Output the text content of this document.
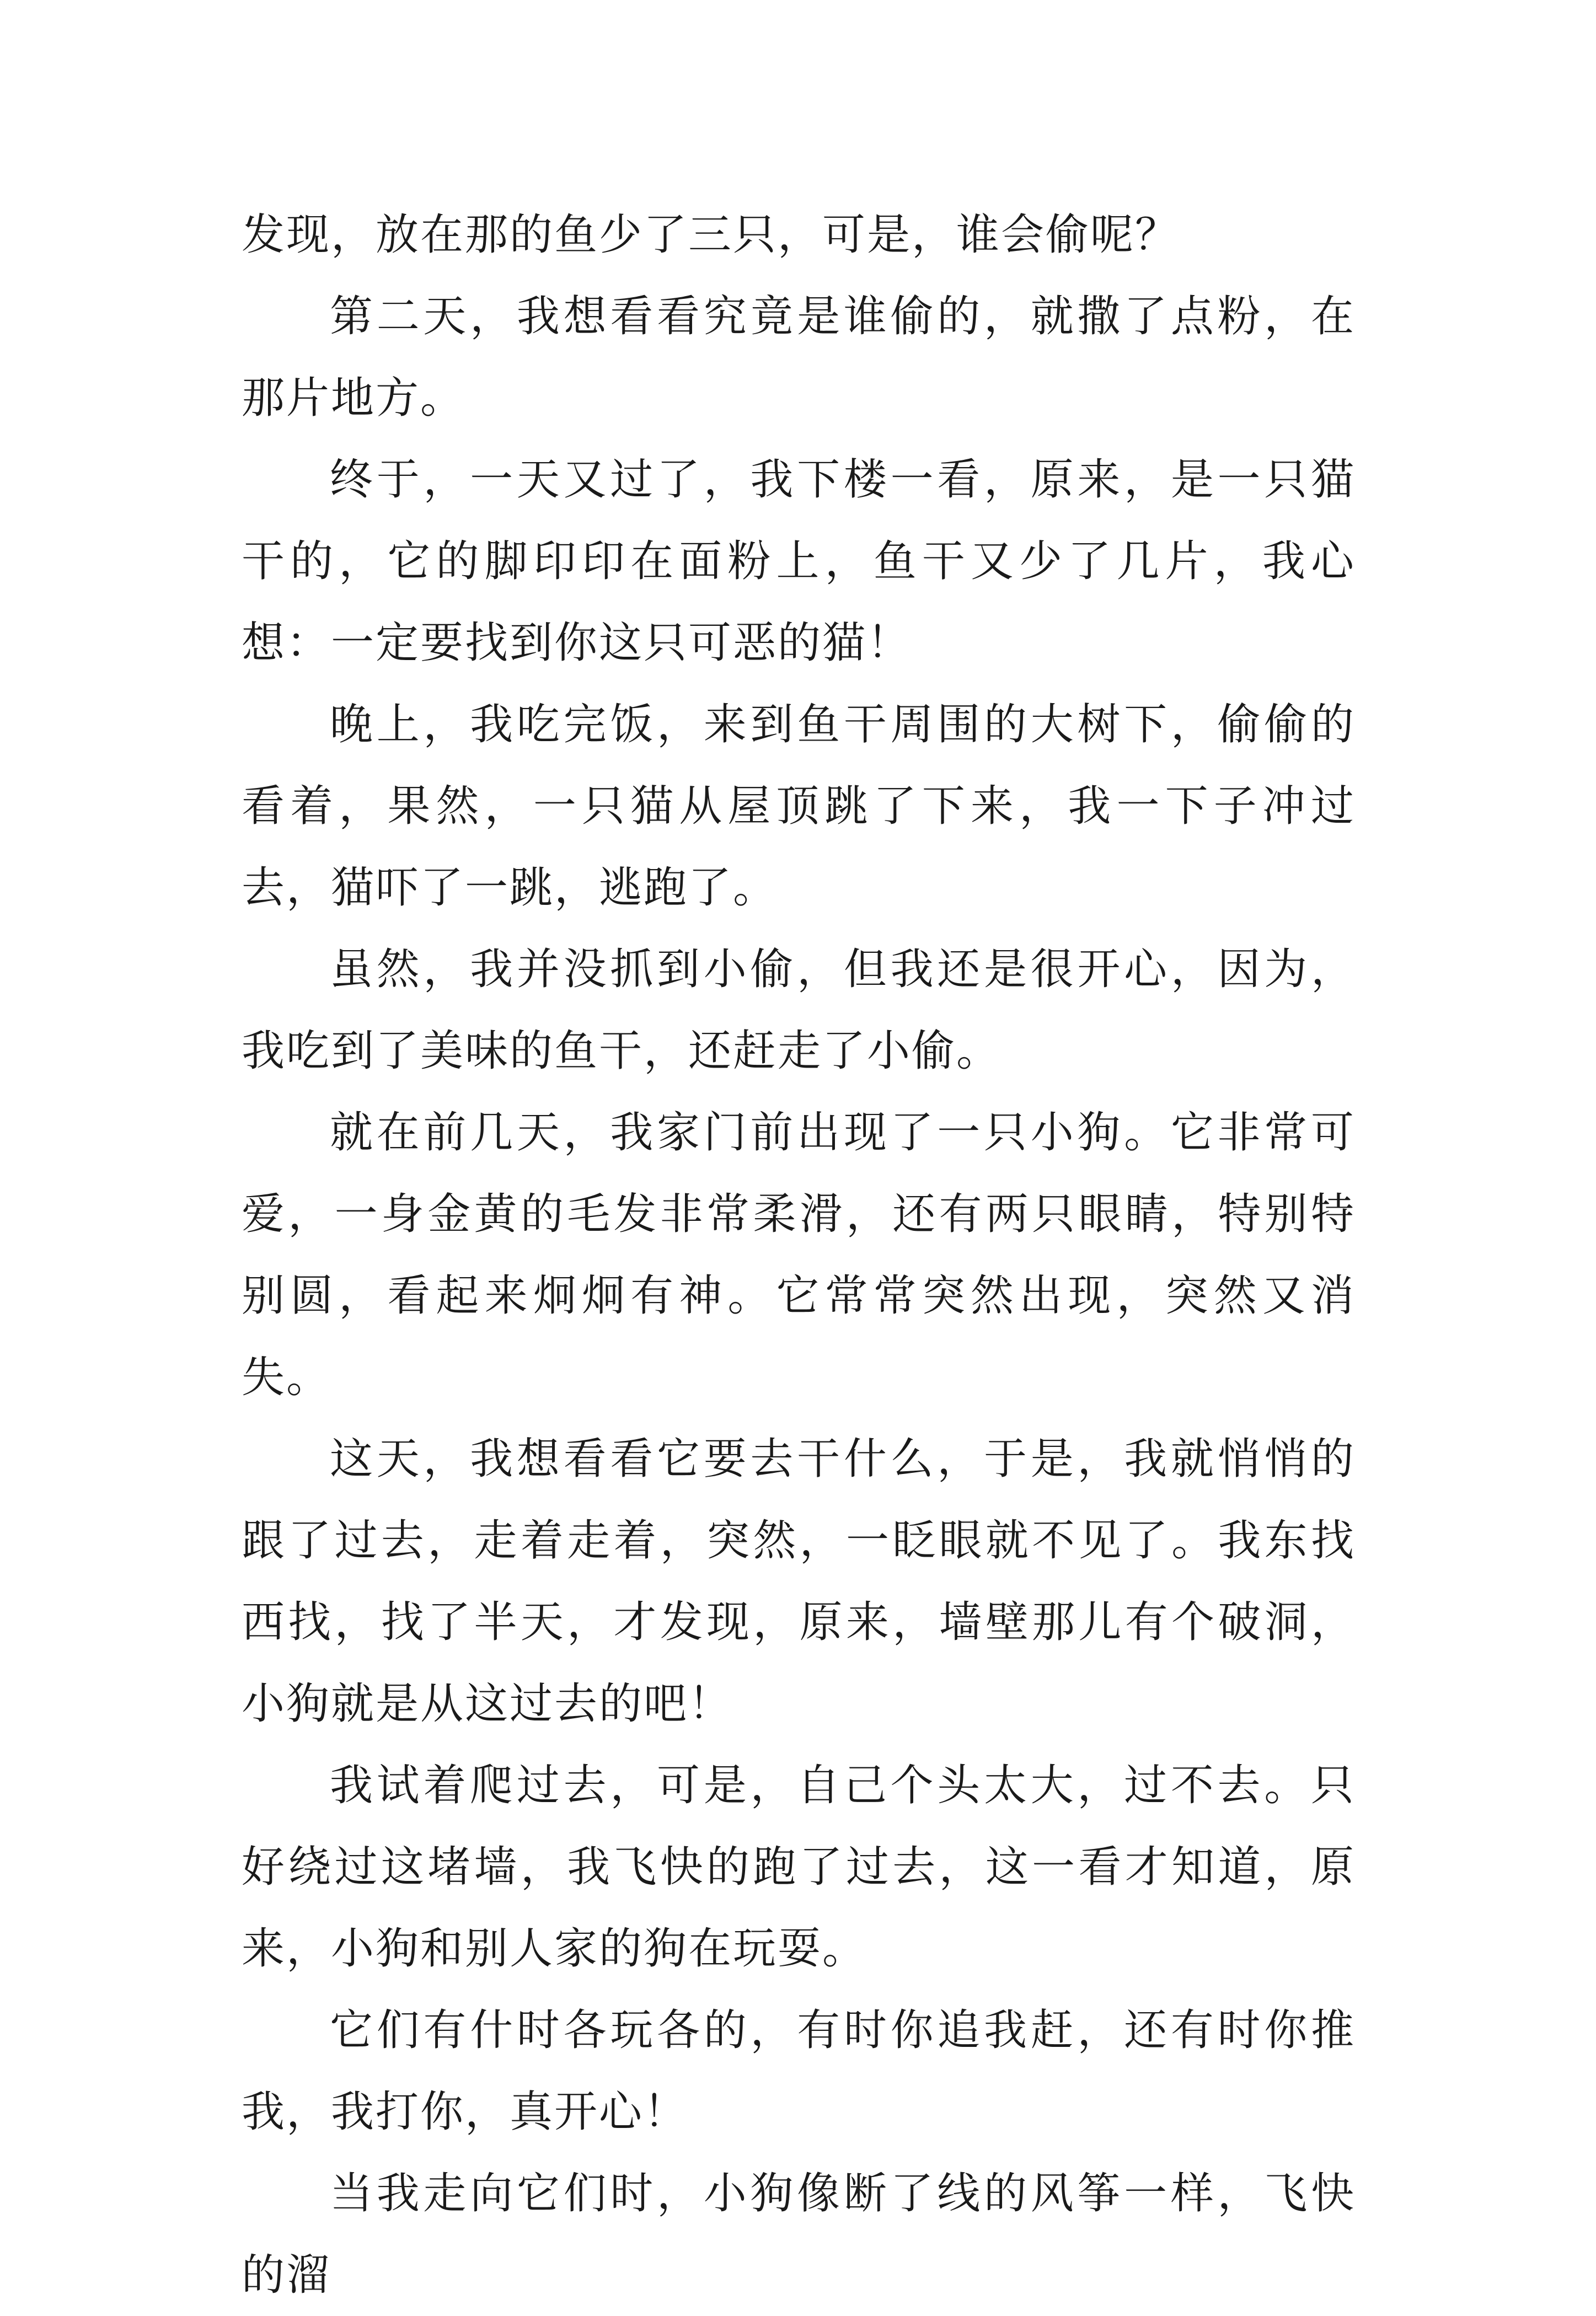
发现，放在那的鱼少了三只，可是，谁会偷呢？

第二天，我想看看究竟是谁偷的，就撒了点粉，在那片地方。

终于，一天又过了，我下楼一看，原来，是一只猫干的，它的脚印印在面粉上，鱼干又少了几片，我心想：一定要找到你这只可恶的猫！

晚上，我吃完饭，来到鱼干周围的大树下，偷偷的看着，果然，一只猫从屋顶跳了下来，我一下子冲过去，猫吓了一跳，逃跑了。

虽然，我并没抓到小偷，但我还是很开心，因为，我吃到了美味的鱼干，还赶走了小偷。

就在前几天，我家门前出现了一只小狗。它非常可爱，一身金黄的毛发非常柔滑，还有两只眼睛，特别特别圆，看起来炯炯有神。它常常突然出现，突然又消失。

这天，我想看看它要去干什么，于是，我就悄悄的跟了过去，走着走着，突然，一眨眼就不见了。我东找西找，找了半天，才发现，原来，墙壁那儿有个破洞，小狗就是从这过去的吧！

我试着爬过去，可是，自己个头太大，过不去。只好绕过这堵墙，我飞快的跑了过去，这一看才知道，原来，小狗和别人家的狗在玩耍。

它们有什时各玩各的，有时你追我赶，还有时你推我，我打你，真开心！

当我走向它们时，小狗像断了线的风筝一样，飞快的溜
